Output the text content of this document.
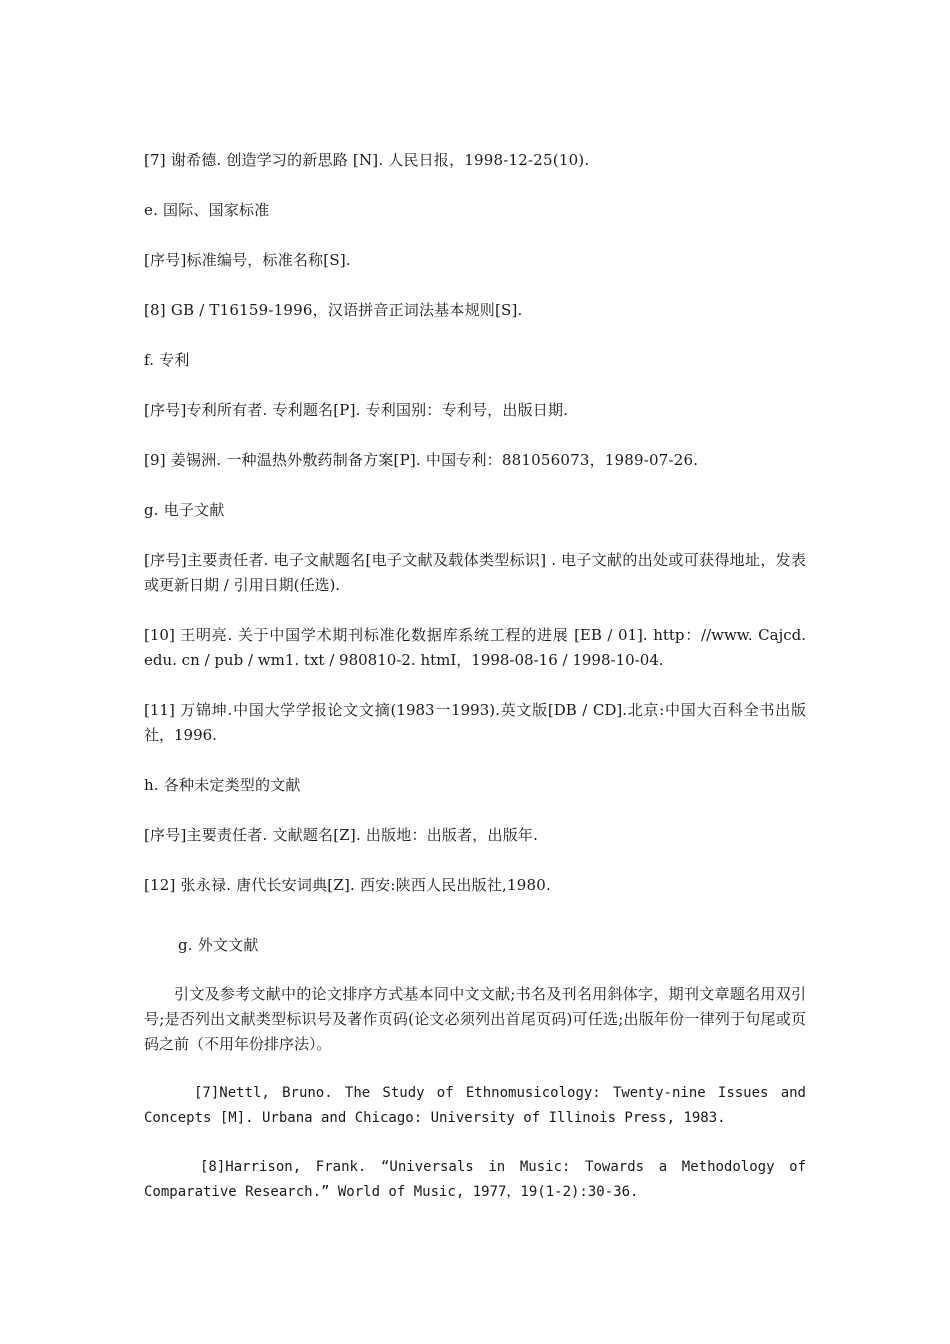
[7] 谢希德. 创造学习的新思路 [N]. 人民日报，1998-12-25(10).

e. 国际、国家标准

[序号]标准编号，标准名称[S].

[8] GB / T16159-1996，汉语拼音正词法基本规则[S].

f. 专利

[序号]专利所有者. 专利题名[P]. 专利国别：专利号，出版日期.

[9] 姜锡洲. 一种温热外敷药制备方案[P]. 中国专利：881056073，1989-07-26.

g. 电子文献

[序号]主要责任者. 电子文献题名[电子文献及载体类型标识] . 电子文献的出处或可获得地址，发表或更新日期 / 引用日期(任选).

[10] 王明亮. 关于中国学术期刊标准化数据库系统工程的进展 [EB / 01]. http：//www. Cajcd. edu. cn / pub / wm1. txt / 980810-2. htmI，1998-08-16 / 1998-10-04.

[11] 万锦坤.中国大学学报论文文摘(1983一1993).英文版[DB / CD].北京:中国大百科全书出版社，1996.

h. 各种未定类型的文献

[序号]主要责任者. 文献题名[Z]. 出版地：出版者，出版年.

[12] 张永禄. 唐代长安词典[Z]. 西安:陕西人民出版社,1980.

g. 外文文献

引文及参考文献中的论文排序方式基本同中文文献;书名及刊名用斜体字，期刊文章题名用双引号;是否列出文献类型标识号及著作页码(论文必须列出首尾页码)可任选;出版年份一律列于句尾或页码之前（不用年份排序法）。

[7]Nettl, Bruno. The Study of Ethnomusicology: Twenty-nine Issues and Concepts [M]. Urbana and Chicago: University of Illinois Press, 1983.

[8]Harrison, Frank. “Universals in Music: Towards a Methodology of Comparative Research.” World of Music, 1977，19(1-2):30-36.
